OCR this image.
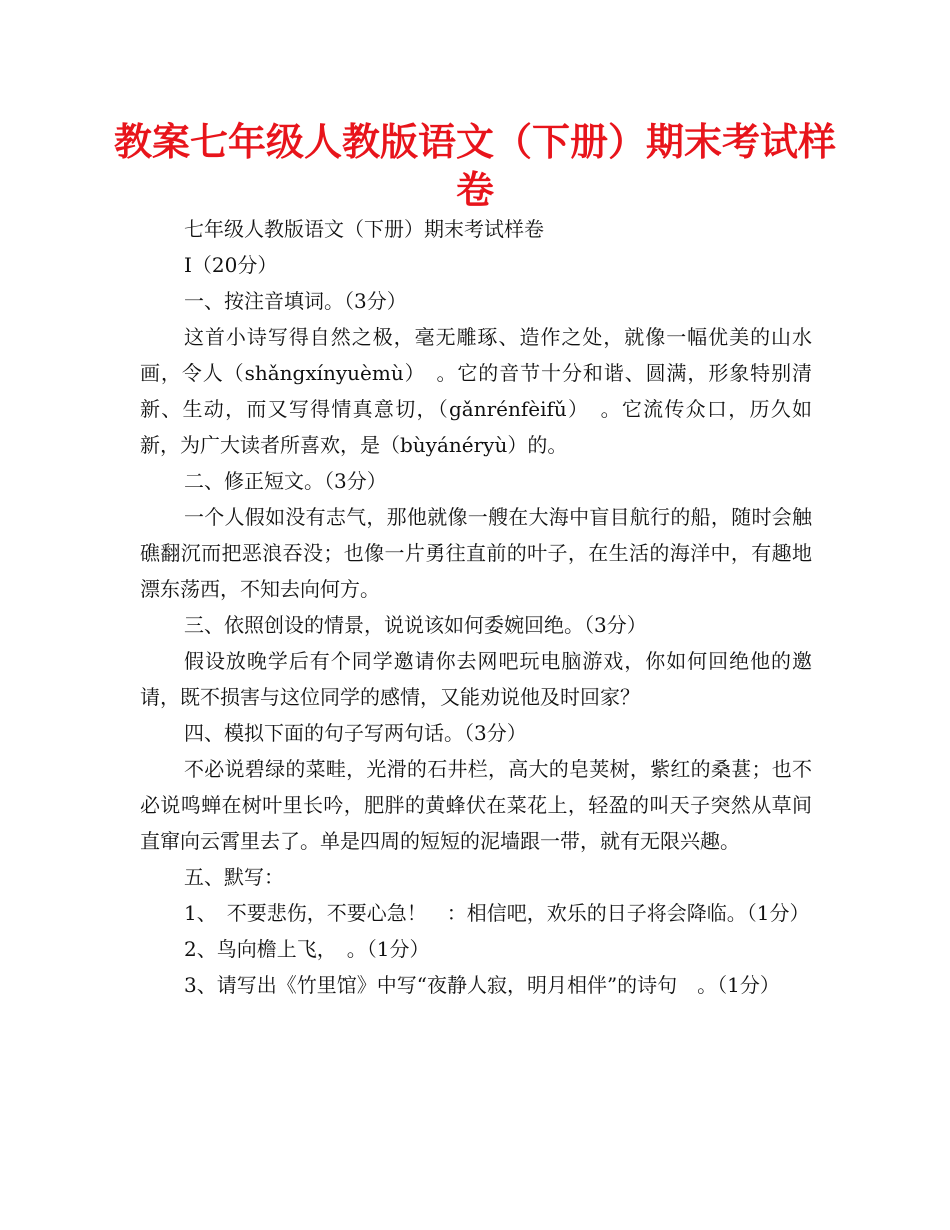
教案七年级人教版语文（下册）期末考试样卷

七年级人教版语文（下册）期末考试样卷

I（20分）

一、按注音填词。（3分）

这首小诗写得自然之极，毫无雕琢、造作之处，就像一幅优美的山水画，令人（shǎngxínyuèmù）　。它的音节十分和谐、圆满，形象特别清新、生动，而又写得情真意切，（gǎnrénfèifǔ）　。它流传众口，历久如新，为广大读者所喜欢，是（bùyánéryù）的。

二、修正短文。（3分）

一个人假如没有志气，那他就像一艘在大海中盲目航行的船，随时会触礁翻沉而把恶浪吞没；也像一片勇往直前的叶子，在生活的海洋中，有趣地漂东荡西，不知去向何方。

三、依照创设的情景，说说该如何委婉回绝。（3分）

假设放晚学后有个同学邀请你去网吧玩电脑游戏，你如何回绝他的邀请，既不损害与这位同学的感情，又能劝说他及时回家？

四、模拟下面的句子写两句话。（3分）

不必说碧绿的菜畦，光滑的石井栏，高大的皂荚树，紫红的桑葚；也不必说鸣蝉在树叶里长吟，肥胖的黄蜂伏在菜花上，轻盈的叫天子突然从草间直窜向云霄里去了。单是四周的短短的泥墙跟一带，就有无限兴趣。

五、默写：

1、　不要悲伤，不要心急！　：相信吧，欢乐的日子将会降临。（1分）

2、鸟向檐上飞，　。（1分）

3、请写出《竹里馆》中写“夜静人寂，明月相伴”的诗句　。（1分）
